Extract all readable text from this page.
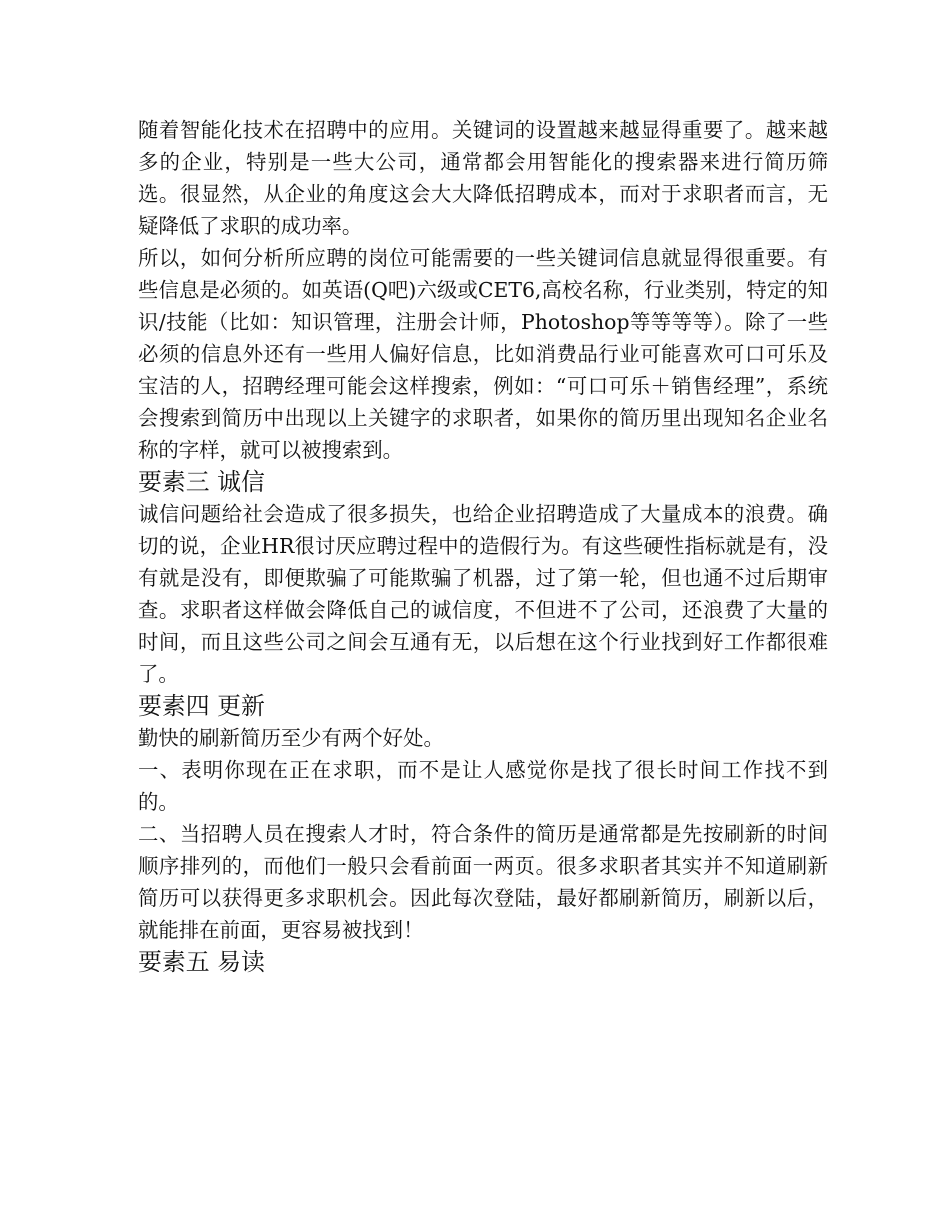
随着智能化技术在招聘中的应用。关键词的设置越来越显得重要了。越来越多的企业，特别是一些大公司，通常都会用智能化的搜索器来进行简历筛选。很显然，从企业的角度这会大大降低招聘成本，而对于求职者而言，无疑降低了求职的成功率。

所以，如何分析所应聘的岗位可能需要的一些关键词信息就显得很重要。有些信息是必须的。如英语(Q吧)六级或CET6,高校名称，行业类别，特定的知识/技能（比如：知识管理，注册会计师，Photoshop等等等等）。除了一些必须的信息外还有一些用人偏好信息，比如消费品行业可能喜欢可口可乐及宝洁的人，招聘经理可能会这样搜索，例如：“可口可乐＋销售经理”，系统会搜索到简历中出现以上关键字的求职者，如果你的简历里出现知名企业名称的字样，就可以被搜索到。

要素三 诚信

诚信问题给社会造成了很多损失，也给企业招聘造成了大量成本的浪费。确切的说，企业HR很讨厌应聘过程中的造假行为。有这些硬性指标就是有，没有就是没有，即便欺骗了可能欺骗了机器，过了第一轮，但也通不过后期审查。求职者这样做会降低自己的诚信度，不但进不了公司，还浪费了大量的时间，而且这些公司之间会互通有无，以后想在这个行业找到好工作都很难了。

要素四 更新

勤快的刷新简历至少有两个好处。

一、表明你现在正在求职，而不是让人感觉你是找了很长时间工作找不到的。

二、当招聘人员在搜索人才时，符合条件的简历是通常都是先按刷新的时间顺序排列的，而他们一般只会看前面一两页。很多求职者其实并不知道刷新简历可以获得更多求职机会。因此每次登陆，最好都刷新简历，刷新以后，就能排在前面，更容易被找到！

要素五 易读
